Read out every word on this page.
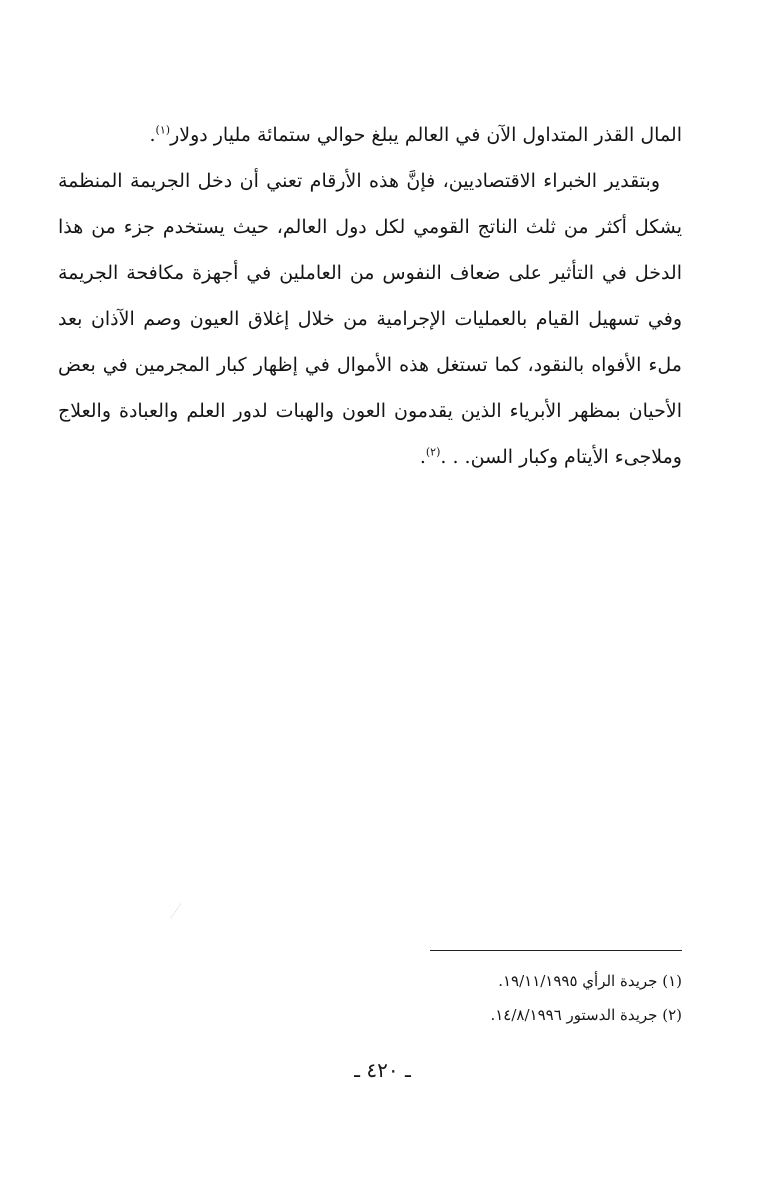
المال القذر المتداول الآن في العالم يبلغ حوالي ستمائة مليار دولار$^{(١)}$.

وبتقدير الخبراء الاقتصاديين، فإنَّ هذه الأرقام تعني أن دخل الجريمة المنظمة يشكل أكثر من ثلث الناتج القومي لكل دول العالم، حيث يستخدم جزء من هذا الدخل في التأثير على ضعاف النفوس من العاملين في أجهزة مكافحة الجريمة وفي تسهيل القيام بالعمليات الإجرامية من خلال إغلاق العيون وصم الآذان بعد ملء الأفواه بالنقود، كما تستغل هذه الأموال في إظهار كبار المجرمين في بعض الأحيان بمظهر الأبرياء الذين يقدمون العون والهبات لدور العلم والعبادة والعلاج وملاجىء الأيتام وكبار السن. . .$^{(٢)}$.

(١) جريدة الرأي ١٩/١١/١٩٩٥.

(٢) جريدة الدستور ١٤/٨/١٩٩٦.

ـ ٤٢٠ ـ
